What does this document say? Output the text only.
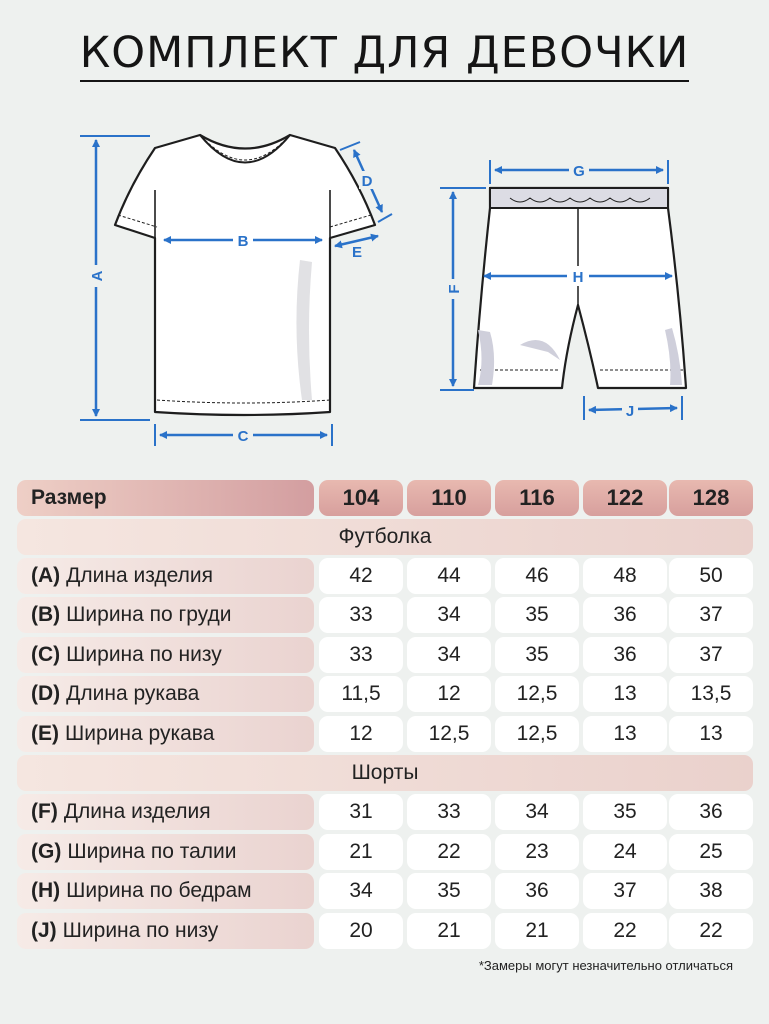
КОМПЛЕКТ ДЛЯ ДЕВОЧКИ
A
B
C
D
E
G
H
F
J
Размер	104	110	116	122	128
Футболка
(A) Длина изделия	42	44	46	48	50
(B) Ширина по груди	33	34	35	36	37
(C) Ширина по низу	33	34	35	36	37
(D) Длина рукава	11,5	12	12,5	13	13,5
(E) Ширина рукава	12	12,5	12,5	13	13
Шорты
(F) Длина изделия	31	33	34	35	36
(G) Ширина по талии	21	22	23	24	25
(H) Ширина по бедрам	34	35	36	37	38
(J) Ширина по низу	20	21	21	22	22
*Замеры могут незначительно отличаться
